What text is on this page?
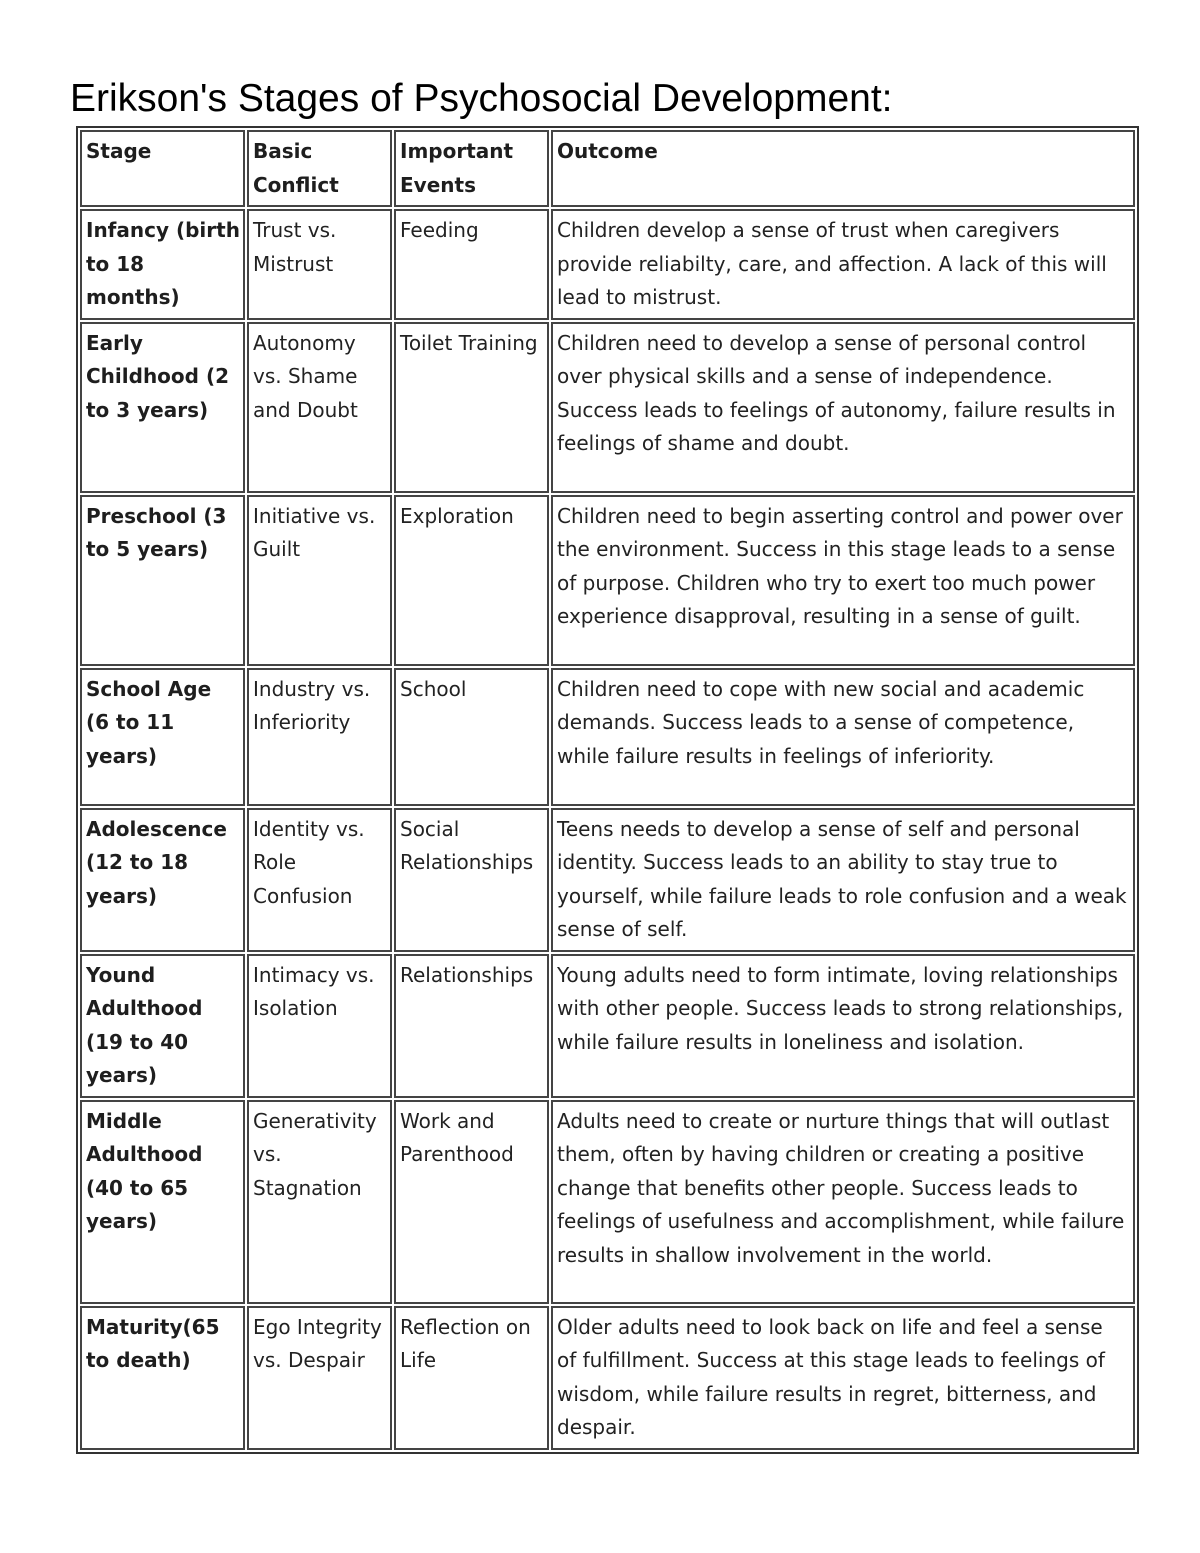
Erikson's Stages of Psychosocial Development:
Stage	Basic Conflict	Important Events	Outcome
Infancy (birth to 18 months)	Trust vs. Mistrust	Feeding	Children develop a sense of trust when caregivers provide reliabilty, care, and affection. A lack of this will lead to mistrust.
Early Childhood (2 to 3 years)	Autonomy vs. Shame and Doubt	Toilet Training	Children need to develop a sense of personal control over physical skills and a sense of independence. Success leads to feelings of autonomy, failure results in feelings of shame and doubt.
Preschool (3 to 5 years)	Initiative vs. Guilt	Exploration	Children need to begin asserting control and power over the environment. Success in this stage leads to a sense of purpose. Children who try to exert too much power experience disapproval, resulting in a sense of guilt.
School Age (6 to 11 years)	Industry vs. Inferiority	School	Children need to cope with new social and academic demands. Success leads to a sense of competence, while failure results in feelings of inferiority.
Adolescence (12 to 18 years)	Identity vs. Role Confusion	Social Relationships	Teens needs to develop a sense of self and personal identity. Success leads to an ability to stay true to yourself, while failure leads to role confusion and a weak sense of self.
Yound Adulthood (19 to 40 years)	Intimacy vs. Isolation	Relationships	Young adults need to form intimate, loving relationships with other people. Success leads to strong relationships, while failure results in loneliness and isolation.
Middle Adulthood (40 to 65 years)	Generativity vs. Stagnation	Work and Parenthood	Adults need to create or nurture things that will outlast them, often by having children or creating a positive change that benefits other people. Success leads to feelings of usefulness and accomplishment, while failure results in shallow involvement in the world.
Maturity(65 to death)	Ego Integrity vs. Despair	Reflection on Life	Older adults need to look back on life and feel a sense of fulfillment. Success at this stage leads to feelings of wisdom, while failure results in regret, bitterness, and despair.
